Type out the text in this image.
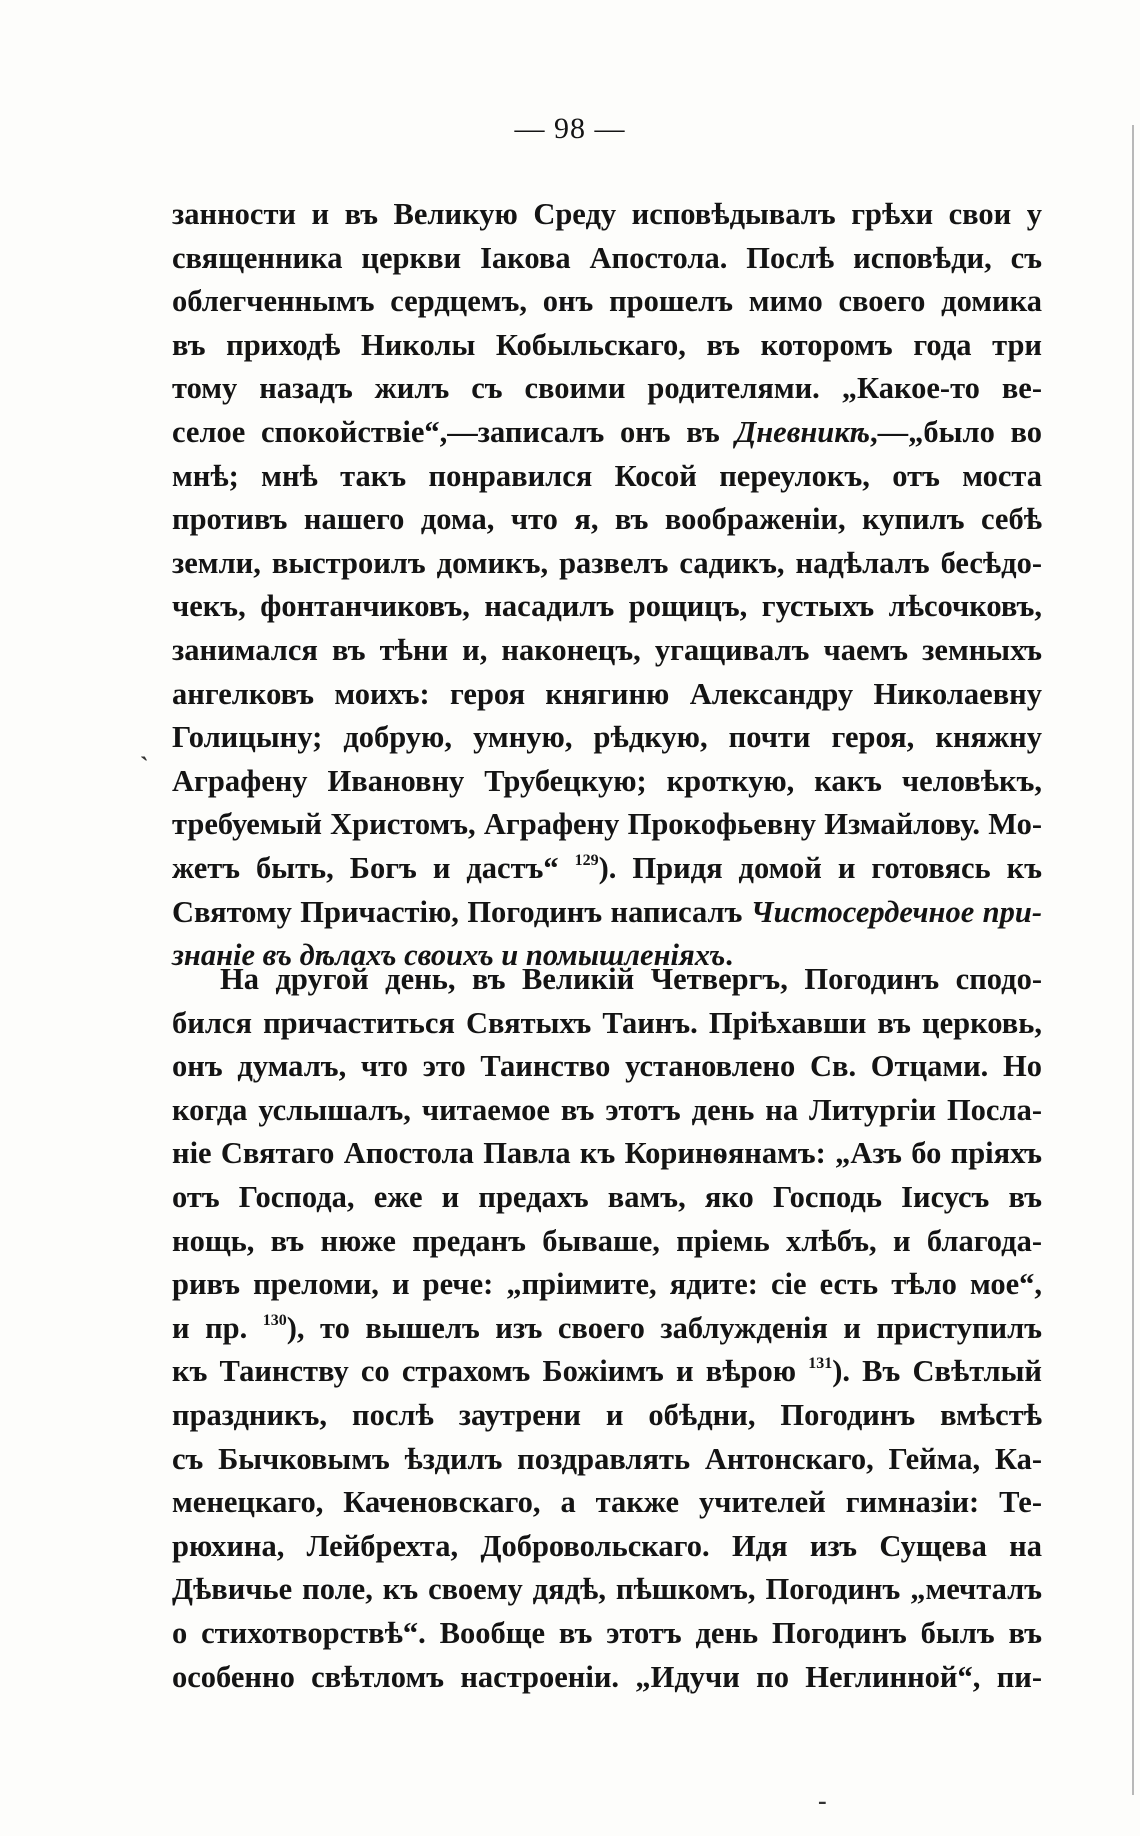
— 98 —
занности и въ Великую Среду исповѣдывалъ грѣхи свои у
священника церкви Іакова Апостола. Послѣ исповѣди, съ
облегченнымъ сердцемъ, онъ прошелъ мимо своего домика
въ приходѣ Николы Кобыльскаго, въ которомъ года три
тому назадъ жилъ съ своими родителями. „Какое-то ве-
селое спокойствіе“,—записалъ онъ въ Дневникѣ,—„было во
мнѣ; мнѣ такъ понравился Косой переулокъ, отъ моста
противъ нашего дома, что я, въ воображеніи, купилъ себѣ
земли, выстроилъ домикъ, развелъ садикъ, надѣлалъ бесѣдо-
чекъ, фонтанчиковъ, насадилъ рощицъ, густыхъ лѣсочковъ,
занимался въ тѣни и, наконецъ, угащивалъ чаемъ земныхъ
ангелковъ моихъ: героя княгиню Александру Николаевну
Голицыну; добрую, умную, рѣдкую, почти героя, княжну
Аграфену Ивановну Трубецкую; кроткую, какъ человѣкъ,
требуемый Христомъ, Аграфену Прокофьевну Измайлову. Мо-
жетъ быть, Богъ и дастъ“ $^{129}$). Придя домой и готовясь къ
Святому Причастію, Погодинъ написалъ Чистосердечное при-
знаніе въ дѣлахъ своихъ и помышленіяхъ.
На другой день, въ Великій Четвергъ, Погодинъ сподо-
бился причаститься Святыхъ Таинъ. Пріѣхавши въ церковь,
онъ думалъ, что это Таинство установлено Св. Отцами. Но
когда услышалъ, читаемое въ этотъ день на Литургіи Посла-
ніе Святаго Апостола Павла къ Коринѳянамъ: „Азъ бо пріяхъ
отъ Господа, еже и предахъ вамъ, яко Господь Іисусъ въ
нощь, въ нюже преданъ бываше, пріемь хлѣбъ, и благода-
ривъ преломи, и рече: „пріимите, ядите: сіе есть тѣло мое“,
и пр. $^{130}$), то вышелъ изъ своего заблужденія и приступилъ
къ Таинству со страхомъ Божіимъ и вѣрою $^{131}$). Въ Свѣтлый
праздникъ, послѣ заутрени и обѣдни, Погодинъ вмѣстѣ
съ Бычковымъ ѣздилъ поздравлять Антонскаго, Гейма, Ка-
менецкаго, Каченовскаго, а также учителей гимназіи: Те-
рюхина, Лейбрехта, Добровольскаго. Идя изъ Сущева на
Дѣвичье поле, къ своему дядѣ, пѣшкомъ, Погодинъ „мечталъ
о стихотворствѣ“. Вообще въ этотъ день Погодинъ былъ въ
особенно свѣтломъ настроеніи. „Идучи по Неглинной“, пи-
ˋ
-
